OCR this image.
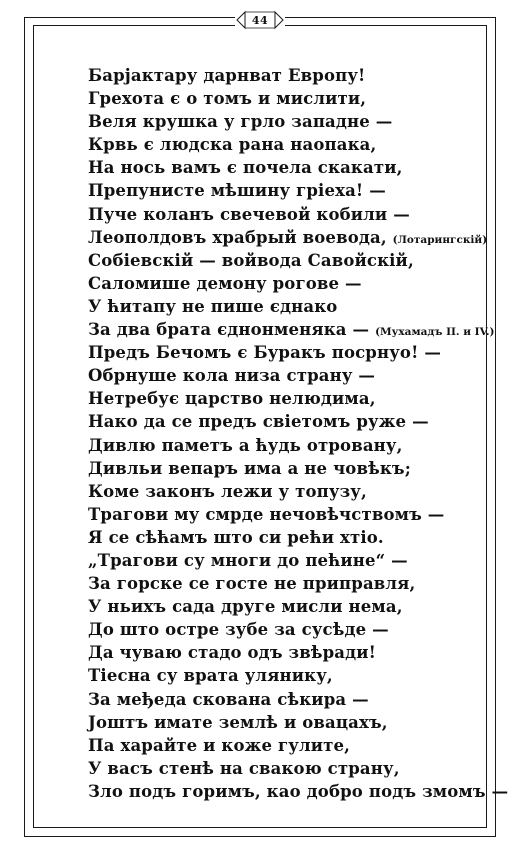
44
Барјактару дарнват Европу!
Грехота є о томъ и мислити,
Веля крушка у грло западне —
Крвь є людска рана наопака,
На нось вамъ є почела скакати,
Препунисте мѣшину грiеха! —
Пуче коланъ свечевой кобили —
Леополдовъ храбрый воевода, (Лотарингскiй)
Собiевскiй — войвода Савойскiй,
Саломише демону рогове —
У ћитапу не пише єднако
За два брата єднонменяка — (Мухамадъ II. и IV.)
Предъ Бечомъ є Буракъ посрнуо! —
Обрнуше кола низа страну —
Нетребує царство нелюдима,
Нако да се предъ свiетомъ руже —
Дивлю паметъ а ћудь отровану,
Дивльи вепаръ има а не човѣкъ;
Коме законъ лежи у топузу,
Трагови му смрде нечовѣчствомъ —
Я се сѣћамъ што си рећи хтiо.
„Трагови су многи до пећине“ —
За горске се госте не приправля,
У ньихъ сада друге мисли нема,
До што остре зубе за сусѣде —
Да чуваю стадо одъ звѣради!
Тiесна су врата улянику,
За међеда скована сѣкира —
Јоштъ имате землѣ и овацахъ,
Па харайте и коже гулите,
У васъ стенѣ на свакою страну,
Зло подъ горимъ, као добро подъ змомъ —
